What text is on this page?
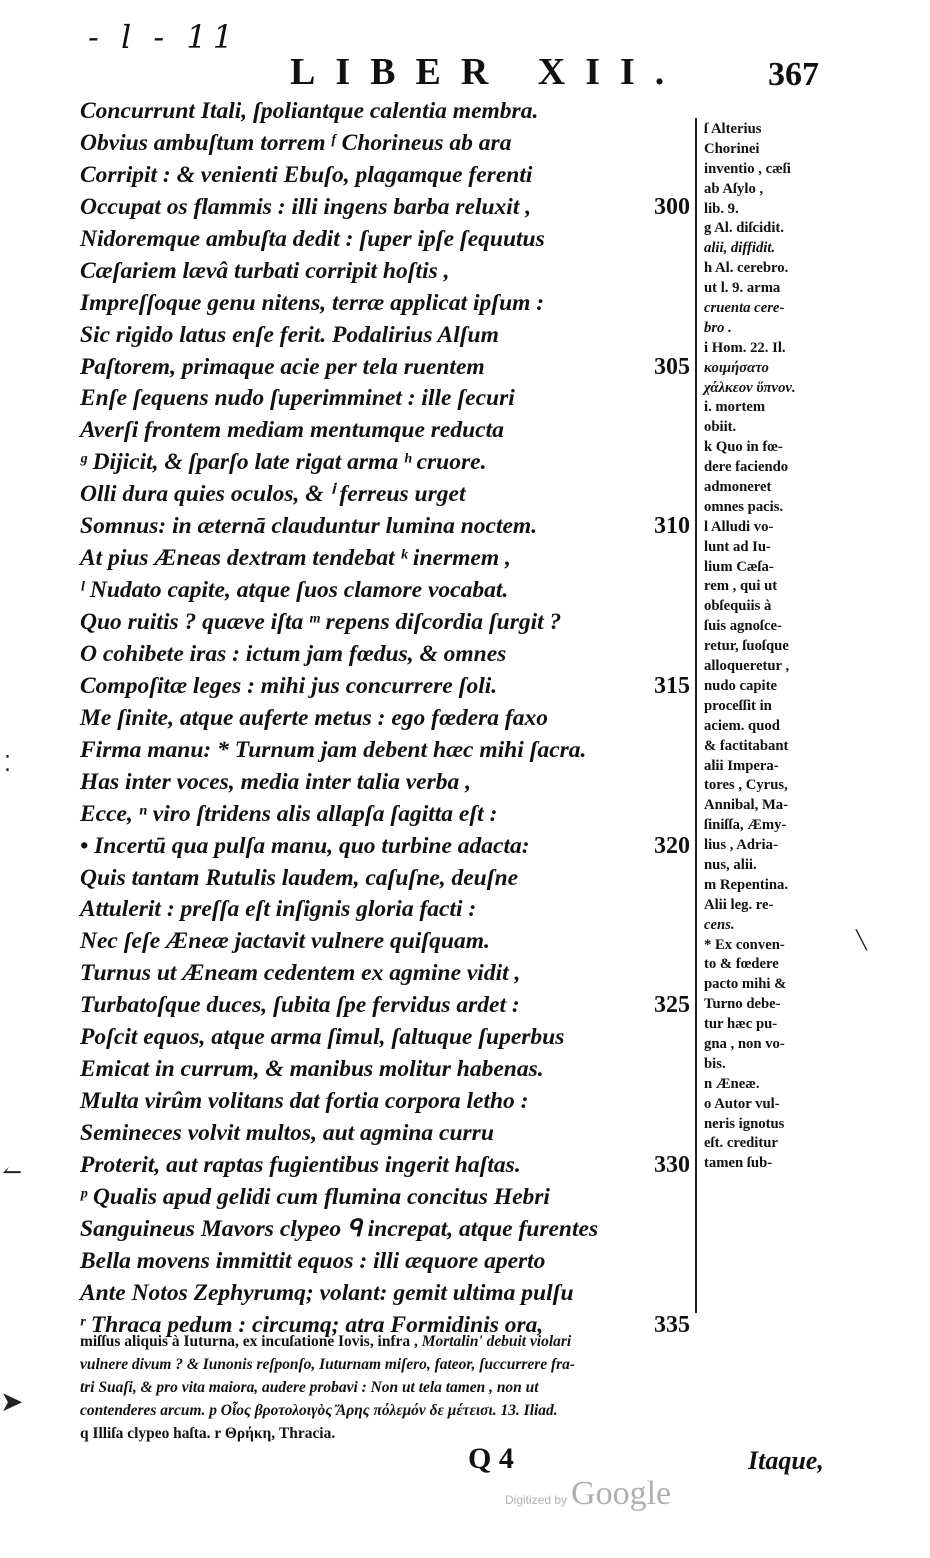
- l - 11
LIBER XII. 367
Concurrunt Itali, ſpoliantque calentia membra.
Obvius ambuſtum torrem ᶠ Chorineus ab ara
Corripit : & venienti Ebuſo, plagamque ferenti
Occupat os flammis : illi ingens barba reluxit ,	300
Nidoremque ambuſta dedit : ſuper ipſe ſequutus
Cæſariem lævâ turbati corripit hoſtis ,
Impreſſoque genu nitens, terræ applicat ipſum :
Sic rigido latus enſe ferit. Podalirius Alſum
Paſtorem, primaque acie per tela ruentem	305
Enſe ſequens nudo ſuperimminet : ille ſecuri
Averſi frontem mediam mentumque reducta
ᵍ Dijicit, & ſparſo late rigat arma ʰ cruore.
Olli dura quies oculos, & ⁱ ferreus urget
Somnus: in æternā clauduntur lumina noctem.	310
At pius Æneas dextram tendebat ᵏ inermem ,
ˡ Nudato capite, atque ſuos clamore vocabat.
Quo ruitis ? quæve iſta ᵐ repens diſcordia ſurgit ?
O cohibete iras : ictum jam fœdus, & omnes
Compoſitæ leges : mihi jus concurrere ſoli.	315
Me ſinite, atque auferte metus : ego fœdera faxo
Firma manu: * Turnum jam debent hæc mihi ſacra.
Has inter voces, media inter talia verba ,
Ecce, ⁿ viro ſtridens alis allapſa ſagitta eſt :
• Incertū qua pulſa manu, quo turbine adacta:	320
Quis tantam Rutulis laudem, caſuſne, deuſne
Attulerit : preſſa eſt inſignis gloria facti :
Nec ſeſe Æneæ jactavit vulnere quiſquam.
Turnus ut Æneam cedentem ex agmine vidit ,
Turbatoſque duces, ſubita ſpe fervidus ardet :	325
Poſcit equos, atque arma ſimul, ſaltuque ſuperbus
Emicat in currum, & manibus molitur habenas.
Multa virûm volitans dat fortia corpora letho :
Semineces volvit multos, aut agmina curru
Proterit, aut raptas fugientibus ingerit haſtas.	330
ᵖ Qualis apud gelidi cum flumina concitus Hebri
Sanguineus Mavors clypeo ᑫ increpat, atque furentes
Bella movens immittit equos : illi æquore aperto
Ante Notos Zephyrumq; volant: gemit ultima pulſu
ʳ Thraca pedum : circumq; atra Formidinis ora,	335
ſ Alterius
Chorinei
inventio , cæſi
ab Aſylo ,
lib. 9.
g Al. diſcidit.
alii, diffidit.
h Al. cerebro.
ut l. 9. arma
cruenta cere-
bro .
i Hom. 22. Il.
κοιμήσατο
χάλκεον ὕπνον.
i. mortem
obiit.
k Quo in fœ-
dere faciendo
admoneret
omnes pacis.
l Alludi vo-
lunt ad Iu-
lium Cæſa-
rem , qui ut
obſequiis à
ſuis agnoſce-
retur, ſuoſque
alloqueretur ,
nudo capite
proceſſit in
aciem. quod
& factitabant
alii Impera-
tores , Cyrus,
Annibal, Ma-
ſiniſſa, Æmy-
lius , Adria-
nus, alii.
m Repentina.
Alii leg. re-
cens.
* Ex conven-
to & fœdere
pacto mihi &
Turno debe-
tur hæc pu-
gna , non vo-
bis.
n Æneæ.
o Autor vul-
neris ignotus
eſt. creditur
tamen ſub-
miſſus aliquis à Iuturna, ex incuſatione Iovis, infra , Mortalin' debuit violari
vulnere divum ? & Iunonis reſponſo, Iuturnam miſero, fateor, ſuccurrere fra-
tri Suaſi, & pro vita maiora, audere probavi : Non ut tela tamen , non ut
contenderes arcum. p Οἷος βροτολοιγὸς Ἄρης πόλεμόν δε μέτεισι. 13. Iliad.
q Illiſa clypeo haſta. r Θρήκη, Thracia.
Q 4	Itaque,
Digitized by Google
⁚
↼
➤
╲
